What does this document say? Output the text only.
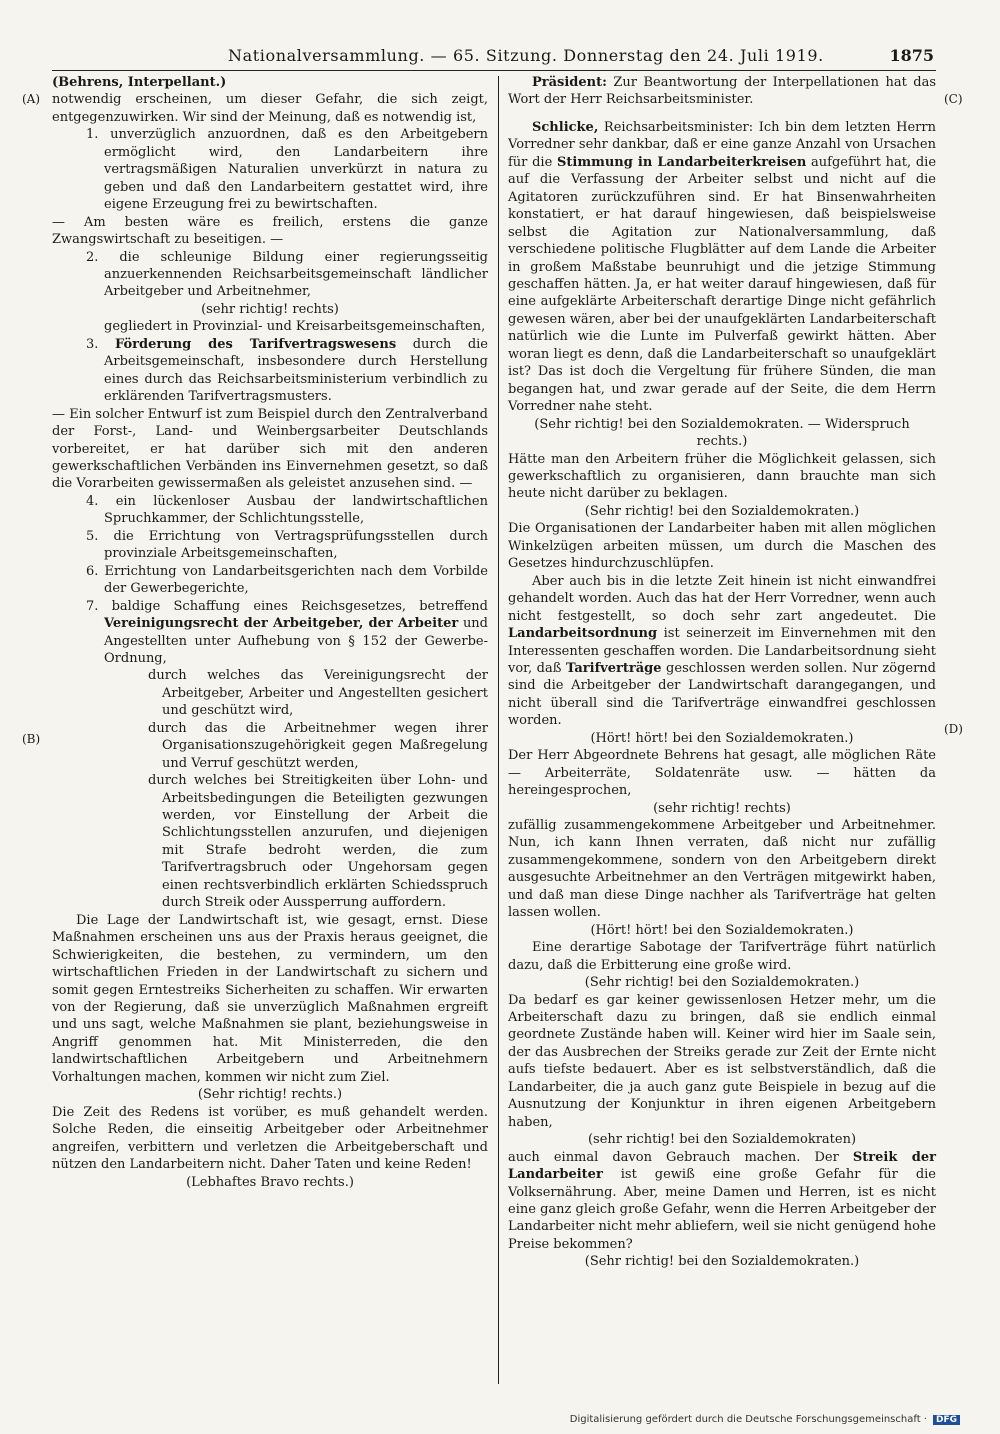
Nationalversammlung. — 65. Sitzung. Donnerstag den 24. Juli 1919.	1875
(A)
(B)
(C)
(D)

(Behrens, Interpellant.)

notwendig erscheinen, um dieser Gefahr, die sich zeigt, entgegenzuwirken. Wir sind der Meinung, daß es notwendig ist,

1. unverzüglich anzuordnen, daß es den Arbeitgebern ermöglicht wird, den Landarbeitern ihre vertragsmäßigen Naturalien unverkürzt in natura zu geben und daß den Landarbeitern gestattet wird, ihre eigene Erzeugung frei zu bewirtschaften.

— Am besten wäre es freilich, erstens die ganze Zwangswirtschaft zu beseitigen. —

2. die schleunige Bildung einer regierungsseitig anzuerkennenden Reichsarbeitsgemeinschaft ländlicher Arbeitgeber und Arbeitnehmer,

(sehr richtig! rechts)

gegliedert in Provinzial- und Kreisarbeitsgemeinschaften,

3. Förderung des Tarifvertragswesens durch die Arbeitsgemeinschaft, insbesondere durch Herstellung eines durch das Reichsarbeitsministerium verbindlich zu erklärenden Tarifvertragsmusters.

— Ein solcher Entwurf ist zum Beispiel durch den Zentralverband der Forst-, Land- und Weinbergsarbeiter Deutschlands vorbereitet, er hat darüber sich mit den anderen gewerkschaftlichen Verbänden ins Einvernehmen gesetzt, so daß die Vorarbeiten gewissermaßen als geleistet anzusehen sind. —

4. ein lückenloser Ausbau der landwirtschaftlichen Spruchkammer, der Schlichtungsstelle,

5. die Errichtung von Vertragsprüfungsstellen durch provinziale Arbeitsgemeinschaften,

6. Errichtung von Landarbeitsgerichten nach dem Vorbilde der Gewerbegerichte,

7. baldige Schaffung eines Reichsgesetzes, betreffend Vereinigungsrecht der Arbeitgeber, der Arbeiter und Angestellten unter Aufhebung von § 152 der Gewerbe-Ordnung,

durch welches das Vereinigungsrecht der Arbeitgeber, Arbeiter und Angestellten gesichert und geschützt wird,

durch das die Arbeitnehmer wegen ihrer Organisationszugehörigkeit gegen Maßregelung und Verruf geschützt werden,

durch welches bei Streitigkeiten über Lohn- und Arbeitsbedingungen die Beteiligten gezwungen werden, vor Einstellung der Arbeit die Schlichtungsstellen anzurufen, und diejenigen mit Strafe bedroht werden, die zum Tarifvertragsbruch oder Ungehorsam gegen einen rechtsverbindlich erklärten Schiedsspruch durch Streik oder Aussperrung auffordern.

Die Lage der Landwirtschaft ist, wie gesagt, ernst. Diese Maßnahmen erscheinen uns aus der Praxis heraus geeignet, die Schwierigkeiten, die bestehen, zu vermindern, um den wirtschaftlichen Frieden in der Landwirtschaft zu sichern und somit gegen Erntestreiks Sicherheiten zu schaffen. Wir erwarten von der Regierung, daß sie unverzüglich Maßnahmen ergreift und uns sagt, welche Maßnahmen sie plant, beziehungsweise in Angriff genommen hat. Mit Ministerreden, die den landwirtschaftlichen Arbeitgebern und Arbeitnehmern Vorhaltungen machen, kommen wir nicht zum Ziel.

(Sehr richtig! rechts.)

Die Zeit des Redens ist vorüber, es muß gehandelt werden. Solche Reden, die einseitig Arbeitgeber oder Arbeitnehmer angreifen, verbittern und verletzen die Arbeitgeberschaft und nützen den Landarbeitern nicht. Daher Taten und keine Reden!

(Lebhaftes Bravo rechts.)

Präsident: Zur Beantwortung der Interpellationen hat das Wort der Herr Reichsarbeitsminister.

Schlicke, Reichsarbeitsminister: Ich bin dem letzten Herrn Vorredner sehr dankbar, daß er eine ganze Anzahl von Ursachen für die Stimmung in Landarbeiterkreisen aufgeführt hat, die auf die Verfassung der Arbeiter selbst und nicht auf die Agitatoren zurückzuführen sind. Er hat Binsenwahrheiten konstatiert, er hat darauf hingewiesen, daß beispielsweise selbst die Agitation zur Nationalversammlung, daß verschiedene politische Flugblätter auf dem Lande die Arbeiter in großem Maßstabe beunruhigt und die jetzige Stimmung geschaffen hätten. Ja, er hat weiter darauf hingewiesen, daß für eine aufgeklärte Arbeiterschaft derartige Dinge nicht gefährlich gewesen wären, aber bei der unaufgeklärten Landarbeiterschaft natürlich wie die Lunte im Pulverfaß gewirkt hätten. Aber woran liegt es denn, daß die Landarbeiterschaft so unaufgeklärt ist? Das ist doch die Vergeltung für frühere Sünden, die man begangen hat, und zwar gerade auf der Seite, die dem Herrn Vorredner nahe steht.

(Sehr richtig! bei den Sozialdemokraten. — Widerspruch rechts.)

Hätte man den Arbeitern früher die Möglichkeit gelassen, sich gewerkschaftlich zu organisieren, dann brauchte man sich heute nicht darüber zu beklagen.

(Sehr richtig! bei den Sozialdemokraten.)

Die Organisationen der Landarbeiter haben mit allen möglichen Winkelzügen arbeiten müssen, um durch die Maschen des Gesetzes hindurchzuschlüpfen.

Aber auch bis in die letzte Zeit hinein ist nicht einwandfrei gehandelt worden. Auch das hat der Herr Vorredner, wenn auch nicht festgestellt, so doch sehr zart angedeutet. Die Landarbeitsordnung ist seinerzeit im Einvernehmen mit den Interessenten geschaffen worden. Die Landarbeitsordnung sieht vor, daß Tarifverträge geschlossen werden sollen. Nur zögernd sind die Arbeitgeber der Landwirtschaft darangegangen, und nicht überall sind die Tarifverträge einwandfrei geschlossen worden.

(Hört! hört! bei den Sozialdemokraten.)

Der Herr Abgeordnete Behrens hat gesagt, alle möglichen Räte — Arbeiterräte, Soldatenräte usw. — hätten da hereingesprochen,

(sehr richtig! rechts)

zufällig zusammengekommene Arbeitgeber und Arbeitnehmer. Nun, ich kann Ihnen verraten, daß nicht nur zufällig zusammengekommene, sondern von den Arbeitgebern direkt ausgesuchte Arbeitnehmer an den Verträgen mitgewirkt haben, und daß man diese Dinge nachher als Tarifverträge hat gelten lassen wollen.

(Hört! hört! bei den Sozialdemokraten.)

Eine derartige Sabotage der Tarifverträge führt natürlich dazu, daß die Erbitterung eine große wird.

(Sehr richtig! bei den Sozialdemokraten.)

Da bedarf es gar keiner gewissenlosen Hetzer mehr, um die Arbeiterschaft dazu zu bringen, daß sie endlich einmal geordnete Zustände haben will. Keiner wird hier im Saale sein, der das Ausbrechen der Streiks gerade zur Zeit der Ernte nicht aufs tiefste bedauert. Aber es ist selbstverständlich, daß die Landarbeiter, die ja auch ganz gute Beispiele in bezug auf die Ausnutzung der Konjunktur in ihren eigenen Arbeitgebern haben,

(sehr richtig! bei den Sozialdemokraten)

auch einmal davon Gebrauch machen. Der Streik der Landarbeiter ist gewiß eine große Gefahr für die Volksernährung. Aber, meine Damen und Herren, ist es nicht eine ganz gleich große Gefahr, wenn die Herren Arbeitgeber der Landarbeiter nicht mehr abliefern, weil sie nicht genügend hohe Preise bekommen?

(Sehr richtig! bei den Sozialdemokraten.)

Digitalisierung gefördert durch die Deutsche Forschungsgemeinschaft · DFG
